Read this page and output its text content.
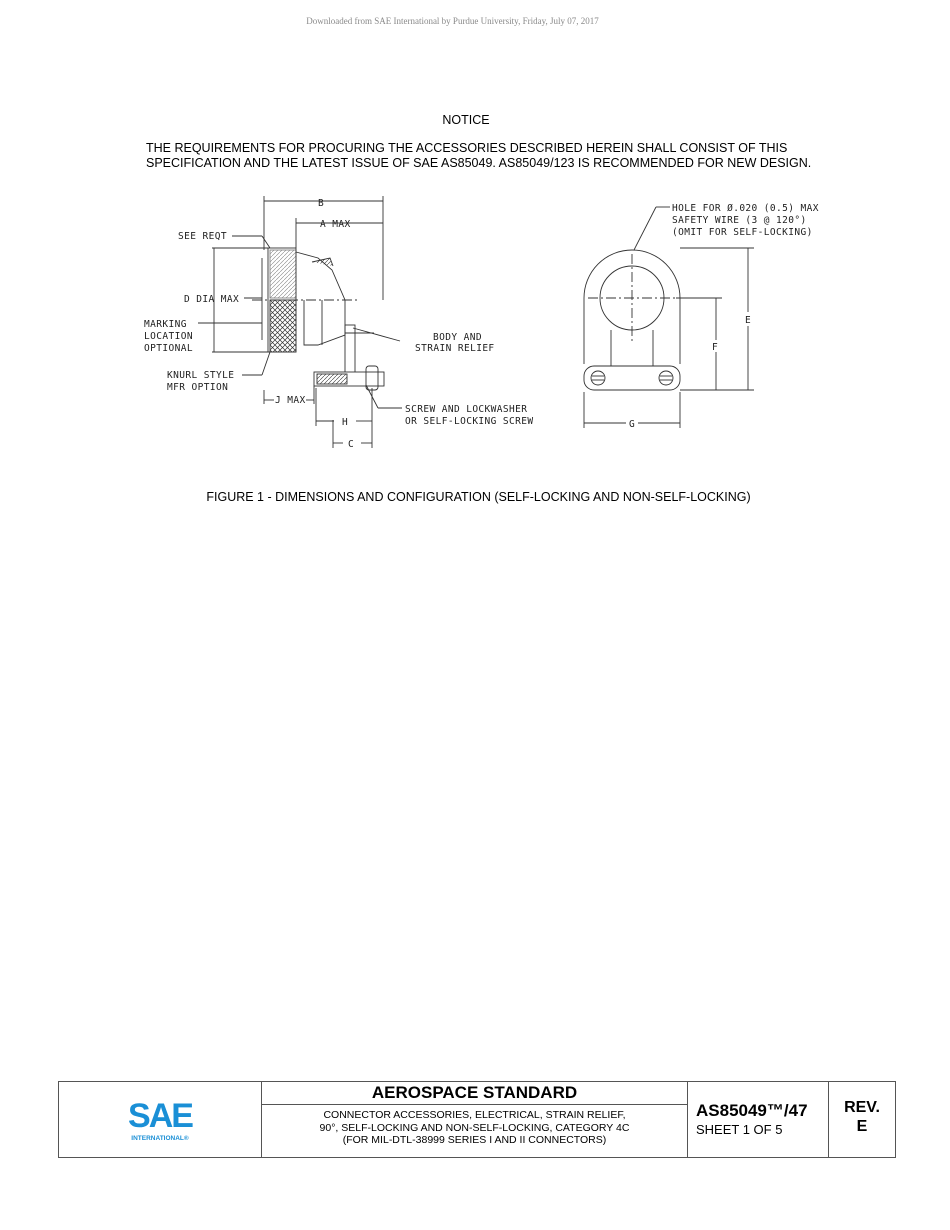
Downloaded from SAE International by Purdue University, Friday, July 07, 2017
NOTICE
THE REQUIREMENTS FOR PROCURING THE ACCESSORIES DESCRIBED HEREIN SHALL CONSIST OF THIS
SPECIFICATION AND THE LATEST ISSUE OF SAE AS85049. AS85049/123 IS RECOMMENDED FOR NEW DESIGN.
B
A MAX
SEE REQT
D DIA MAX
MARKING
LOCATION
OPTIONAL
KNURL STYLE
MFR OPTION
J MAX
BODY AND
STRAIN RELIEF
SCREW AND LOCKWASHER
OR SELF-LOCKING SCREW
H
C
HOLE FOR Ø.020 (0.5) MAX
SAFETY WIRE (3 @ 120°)
(OMIT FOR SELF-LOCKING)
E
F
G
FIGURE 1 - DIMENSIONS AND CONFIGURATION (SELF-LOCKING AND NON-SELF-LOCKING)
SAE
INTERNATIONAL®
AEROSPACE STANDARD
CONNECTOR ACCESSORIES, ELECTRICAL, STRAIN RELIEF,
90°, SELF-LOCKING AND NON-SELF-LOCKING, CATEGORY 4C
(FOR MIL-DTL-38999 SERIES I AND II CONNECTORS)
AS85049™/47
SHEET 1 OF 5
REV.
E
